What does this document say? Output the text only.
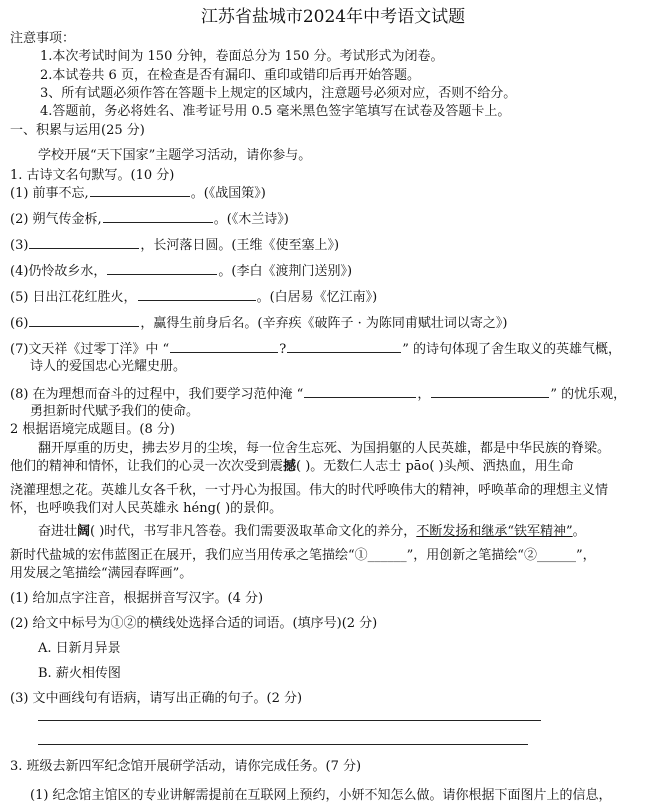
江苏省盐城市2024年中考语文试题
注意事项：
1.本次考试时间为 150 分钟，卷面总分为 150 分。考试形式为闭卷。
2.本试卷共 6 页，在检查是否有漏印、重印或错印后再开始答题。
3、所有试题必须作答在答题卡上规定的区域内，注意题号必须对应，否则不给分。
4.答题前，务必将姓名、准考证号用 0.5 毫米黑色签字笔填写在试卷及答题卡上。
一、积累与运用(25 分)
学校开展“天下国家”主题学习活动，请你参与。
1. 古诗文名句默写。(10 分)
(1) 前事不忘,	。(《战国策》)
(2) 朔气传金柝,	。(《木兰诗》)
(3)	，长河落日圆。(王维《使至塞上》)
(4)仍怜故乡水，	。(李白《渡荆门送别》)
(5) 日出江花红胜火，	。(白居易《忆江南》)
(6)	，赢得生前身后名。(辛弃疾《破阵子 · 为陈同甫赋壮词以寄之》)
(7)文天祥《过零丁洋》中 “	?	” 的诗句体现了舍生取义的英雄气概，
诗人的爱国忠心光耀史册。
(8) 在为理想而奋斗的过程中，我们要学习范仲淹 “	，	” 的忧乐观，
勇担新时代赋予我们的使命。
2 根据语境完成题目。(8 分)
翻开厚重的历史，拂去岁月的尘埃，每一位舍生忘死、为国捐躯的人民英雄，都是中华民族的脊梁。
他们的精神和情怀，让我们的心灵一次次受到震撼( )。无数仁人志士 pāo( )头颅、洒热血，用生命
浇灌理想之花。英雄儿女各千秋，一寸丹心为报国。伟大的时代呼唤伟大的精神，呼唤革命的理想主义情
怀，也呼唤我们对人民英雄永 héng( )的景仰。
奋进壮阔( )时代，书写非凡答卷。我们需要汲取革命文化的养分，不断发扬和继承“铁军精神”。
新时代盐城的宏伟蓝图正在展开，我们应当用传承之笔描绘“①______”，用创新之笔描绘“②______”，
用发展之笔描绘“满园春晖画”。
(1) 给加点字注音，根据拼音写汉字。(4 分)
(2) 给文中标号为①②的横线处选择合适的词语。(填序号)(2 分)
A. 日新月异景
B. 薪火相传图
(3) 文中画线句有语病，请写出正确的句子。(2 分)
3. 班级去新四军纪念馆开展研学活动，请你完成任务。(7 分)
(1) 纪念馆主馆区的专业讲解需提前在互联网上预约，小妍不知怎么做。请你根据下面图片上的信息，
